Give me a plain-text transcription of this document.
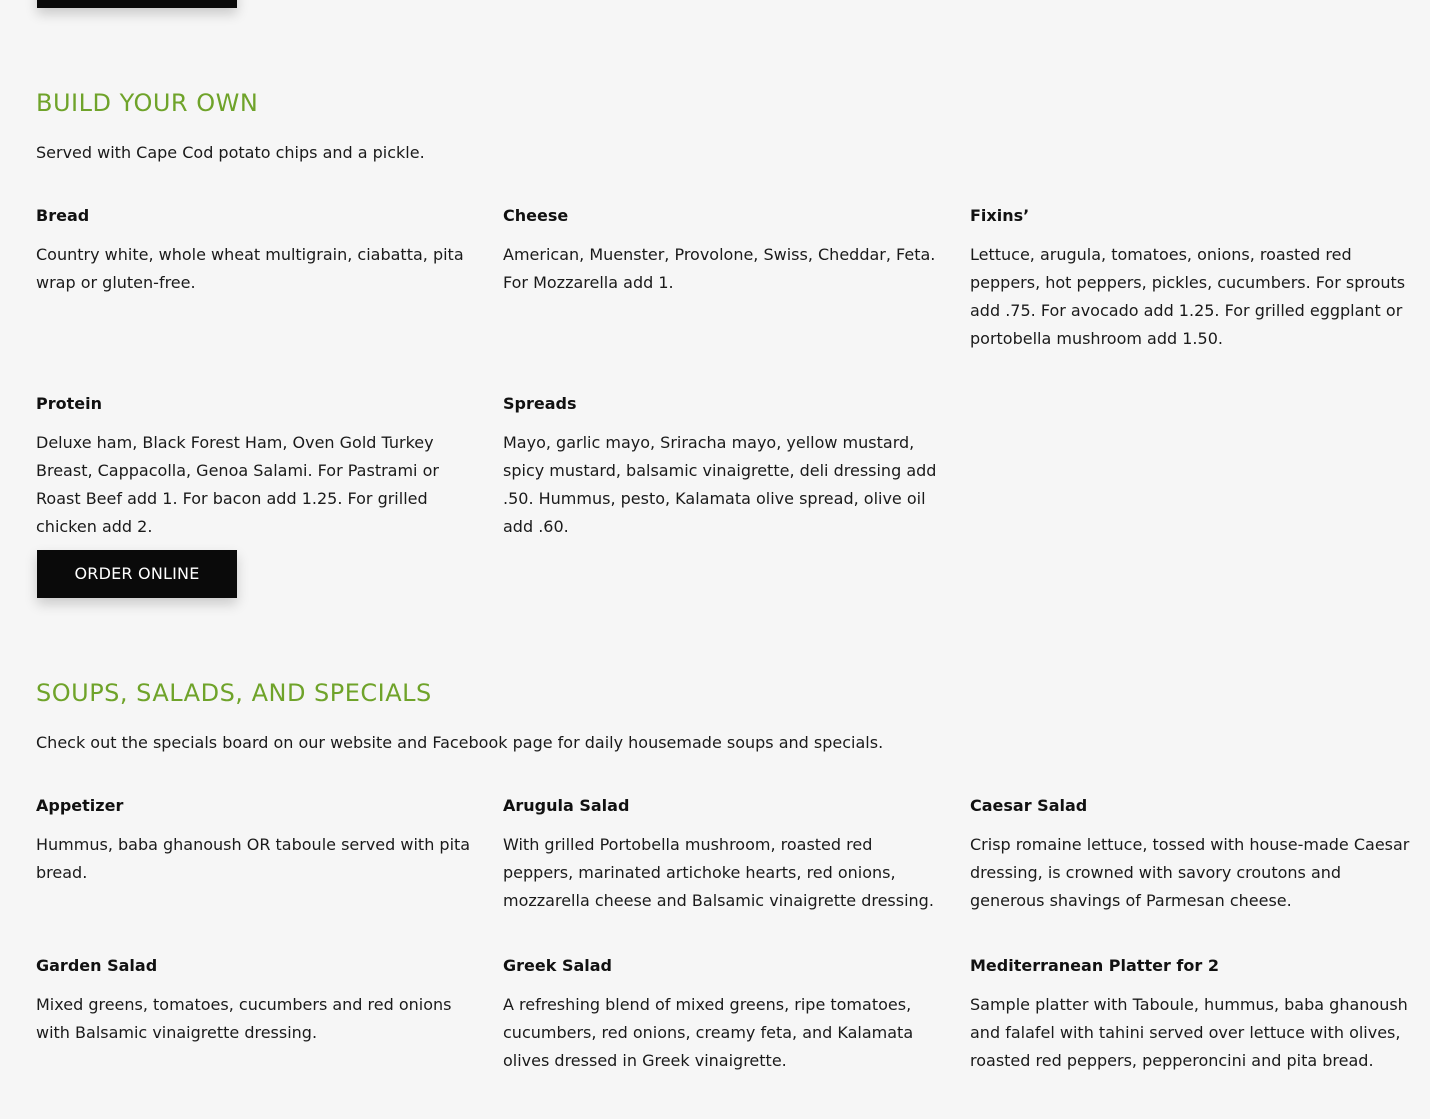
BUILD YOUR OWN

Served with Cape Cod potato chips and a pickle.

Bread

Country white, whole wheat multigrain, ciabatta, pita wrap or gluten-free.

Cheese

American, Muenster, Provolone, Swiss, Cheddar, Feta. For Mozzarella add 1.

Fixins’

Lettuce, arugula, tomatoes, onions, roasted red peppers, hot peppers, pickles, cucumbers. For sprouts add .75. For avocado add 1.25. For grilled eggplant or portobella mushroom add 1.50.

Protein

Deluxe ham, Black Forest Ham, Oven Gold Turkey Breast, Cappacolla, Genoa Salami. For Pastrami or Roast Beef add 1. For bacon add 1.25. For grilled chicken add 2.

Spreads

Mayo, garlic mayo, Sriracha mayo, yellow mustard, spicy mustard, balsamic vinaigrette, deli dressing add .50. Hummus, pesto, Kalamata olive spread, olive oil add .60.

ORDER ONLINE
SOUPS, SALADS, AND SPECIALS

Check out the specials board on our website and Facebook page for daily housemade soups and specials.

Appetizer

Hummus, baba ghanoush OR taboule served with pita bread.

Arugula Salad

With grilled Portobella mushroom, roasted red peppers, marinated artichoke hearts, red onions, mozzarella cheese and Balsamic vinaigrette dressing.

Caesar Salad

Crisp romaine lettuce, tossed with house-made Caesar dressing, is crowned with savory croutons and generous shavings of Parmesan cheese.

Garden Salad

Mixed greens, tomatoes, cucumbers and red onions with Balsamic vinaigrette dressing.

Greek Salad

A refreshing blend of mixed greens, ripe tomatoes, cucumbers, red onions, creamy feta, and Kalamata olives dressed in Greek vinaigrette.

Mediterranean Platter for 2

Sample platter with Taboule, hummus, baba ghanoush and falafel with tahini served over lettuce with olives, roasted red peppers, pepperoncini and pita bread.
